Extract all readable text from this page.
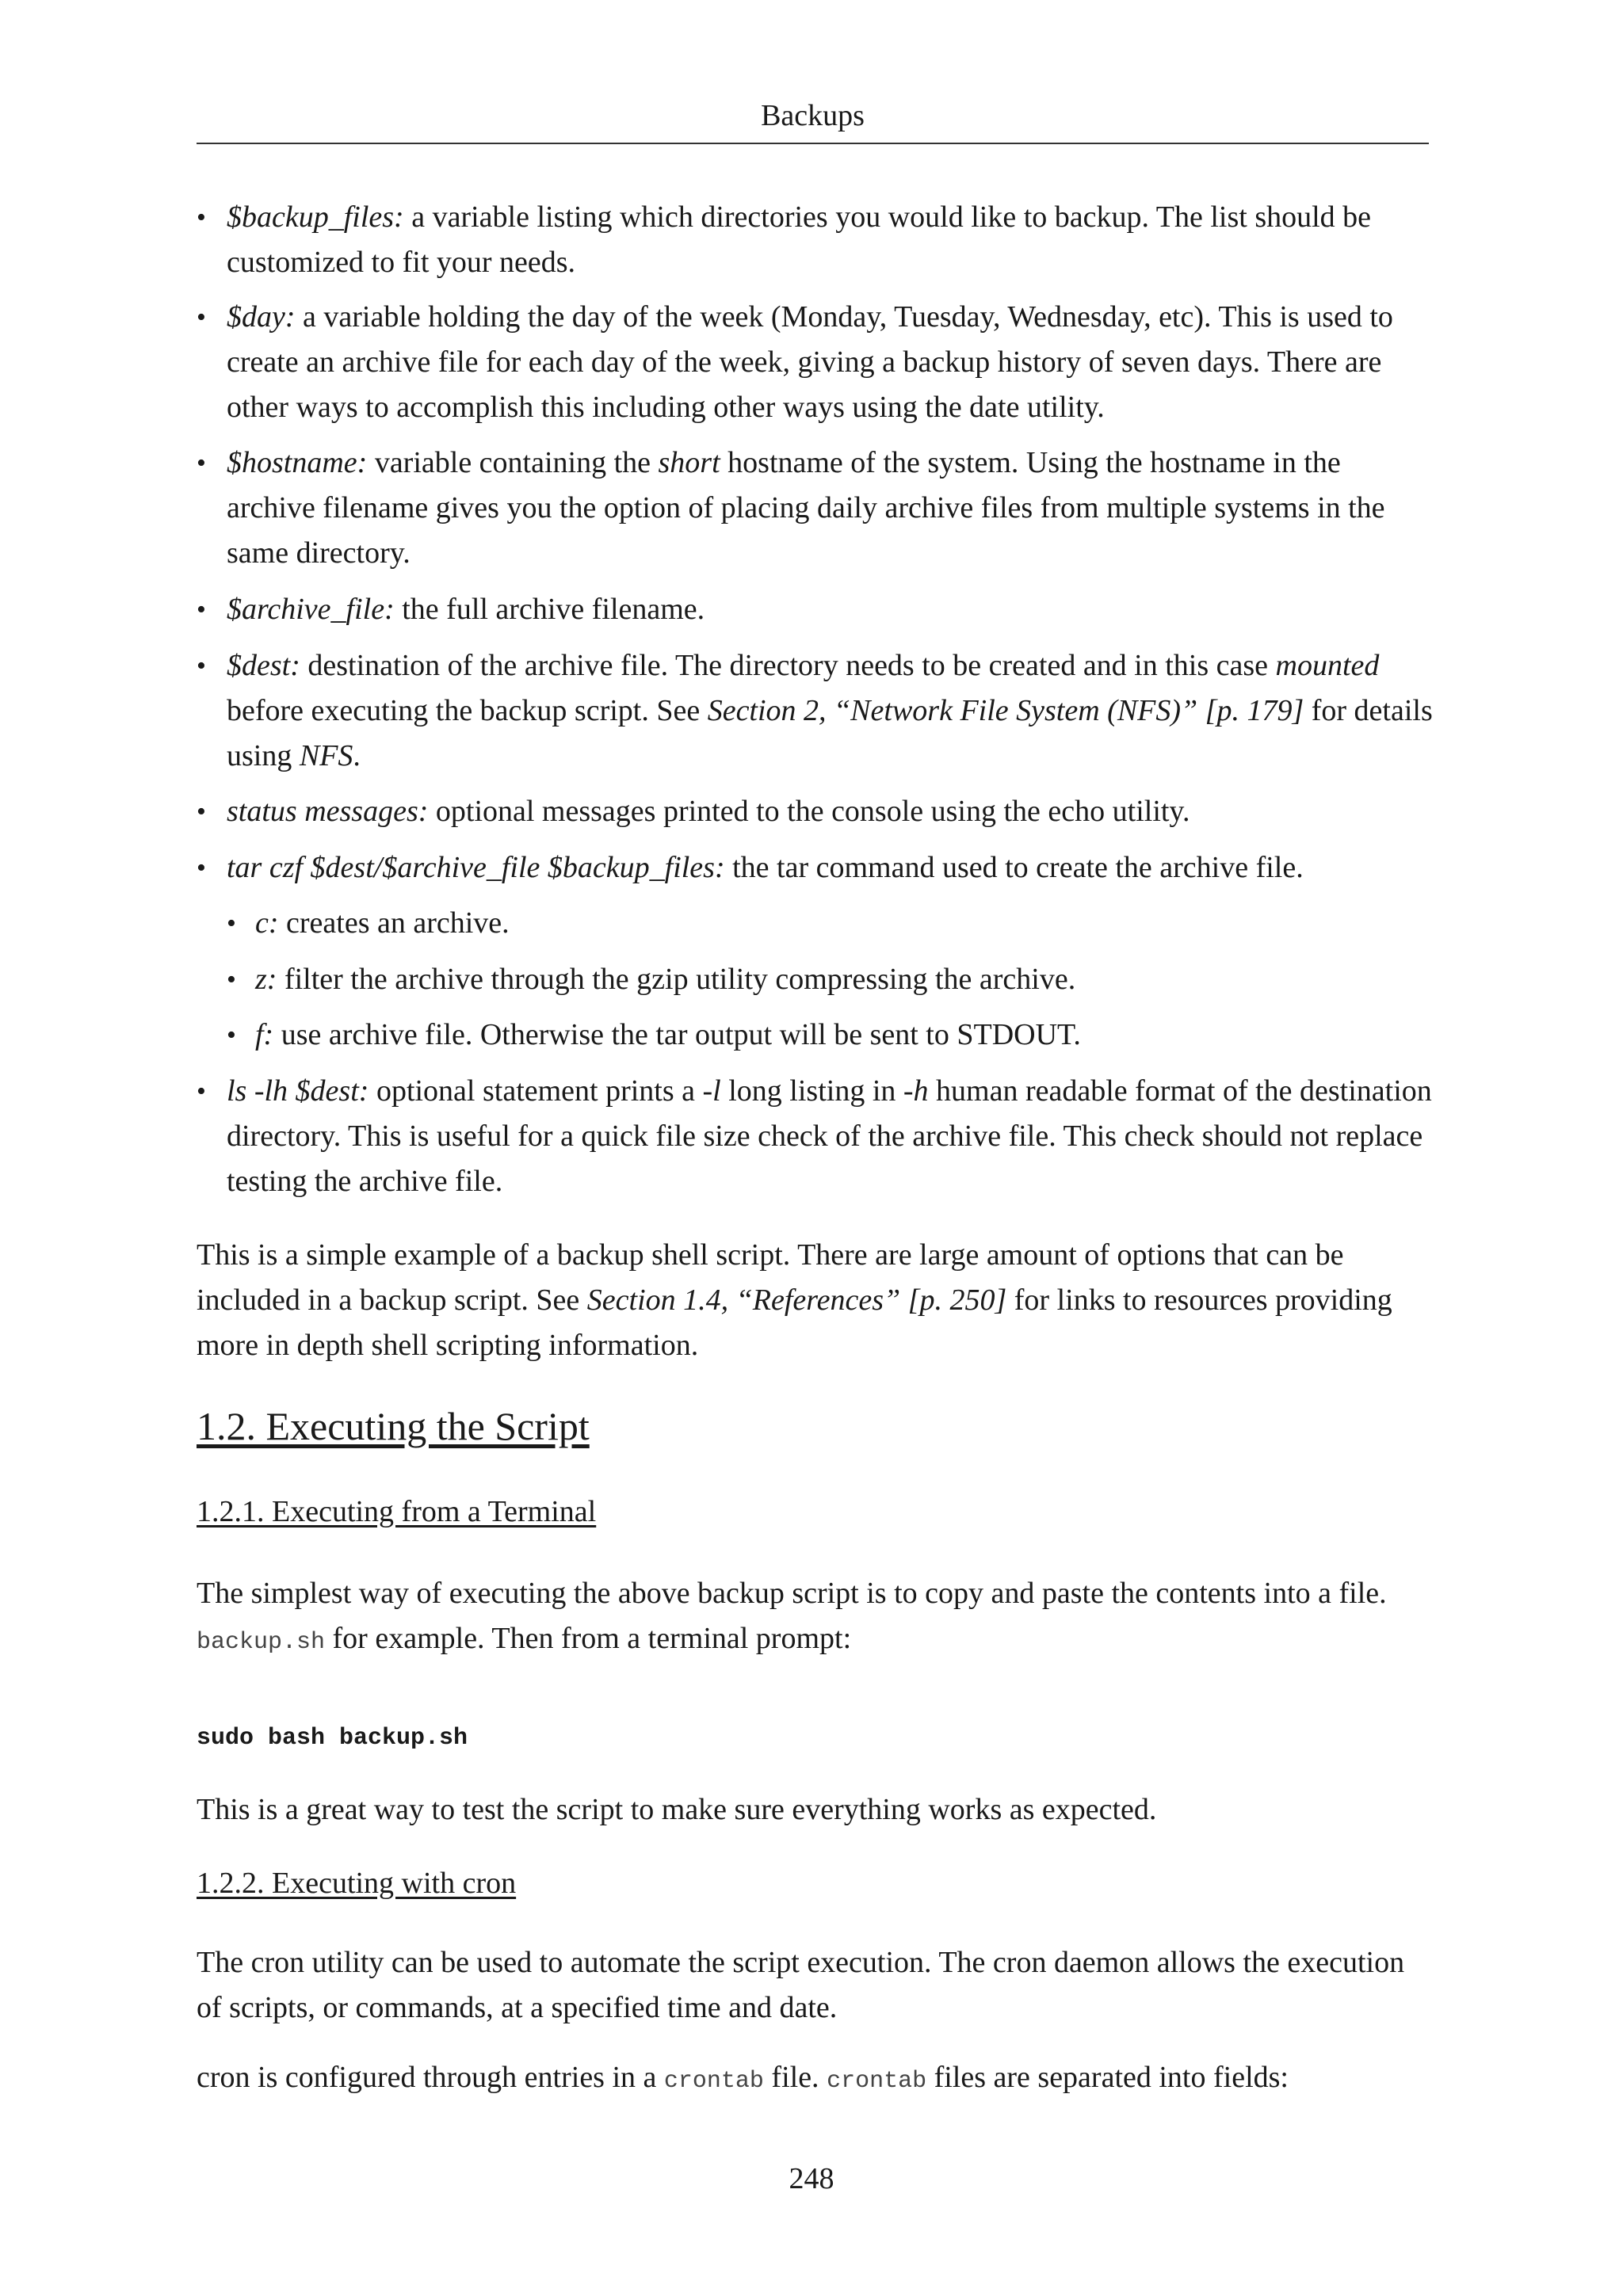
Backups
• $backup_files: a variable listing which directories you would like to backup. The list should be customized to fit your needs.
• $day: a variable holding the day of the week (Monday, Tuesday, Wednesday, etc). This is used to create an archive file for each day of the week, giving a backup history of seven days. There are other ways to accomplish this including other ways using the date utility.
• $hostname: variable containing the short hostname of the system. Using the hostname in the archive filename gives you the option of placing daily archive files from multiple systems in the same directory.
• $archive_file: the full archive filename.
• $dest: destination of the archive file. The directory needs to be created and in this case mounted before executing the backup script. See Section 2, “Network File System (NFS)” [p. 179] for details using NFS.
• status messages: optional messages printed to the console using the echo utility.
• tar czf $dest/$archive_file $backup_files: the tar command used to create the archive file.
• c: creates an archive.
• z: filter the archive through the gzip utility compressing the archive.
• f: use archive file. Otherwise the tar output will be sent to STDOUT.
• ls -lh $dest: optional statement prints a -l long listing in -h human readable format of the destination directory. This is useful for a quick file size check of the archive file. This check should not replace testing the archive file.

This is a simple example of a backup shell script. There are large amount of options that can be included in a backup script. See Section 1.4, “References” [p. 250] for links to resources providing more in depth shell scripting information.

1.2. Executing the Script
1.2.1. Executing from a Terminal

The simplest way of executing the above backup script is to copy and paste the contents into a file. backup.sh for example. Then from a terminal prompt:

sudo bash backup.sh

This is a great way to test the script to make sure everything works as expected.

1.2.2. Executing with cron

The cron utility can be used to automate the script execution. The cron daemon allows the execution of scripts, or commands, at a specified time and date.

cron is configured through entries in a crontab file. crontab files are separated into fields:

248
